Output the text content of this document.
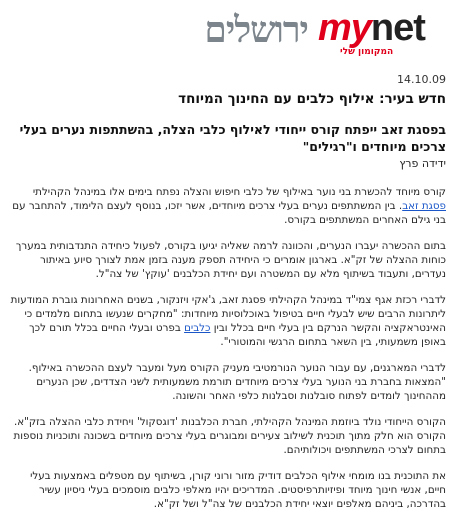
ירושלים mynet
המקומון שלי
14.10.09
חדש בעיר: אילוף כלבים עם החינוך המיוחד
בפסגת זאב ייפתח קורס ייחודי לאילוף כלבי הצלה, בהשתתפות נערים בעלי צרכים מיוחדים ו"רגילים"
ידידה פרץ

קורס מיוחד להכשרת בני נוער באילוף של כלבי חיפוש והצלה נפתח בימים אלו במינהל הקהילתי פסגת זאב. בין המשתתפים נערים בעלי צרכים מיוחדים, אשר יזכו, בנוסף לעצם הלימוד, להתחבר עם בני גילם האחרים המשתתפים בקורס.

בתום ההכשרה יעברו הנערים, והכוונה לרמה שאליה יגיעו בקורס, לפעול כיחידה התנדבותית במערך כוחות ההצלה של זק"א. בארגון אומרים כי היחידה תספק מענה בזמן אמת לצורך סיוע באיתור נעדרים, ותעבוד בשיתוף מלא עם המשטרה ועם יחידת הכלבנים 'עוקץ' של צה"ל.

לדברי רכזת אגף צמי"ד במינהל הקהילתי פסגת זאב, ג'אקי ויזנקור, בשנים האחרונות גוברת המודעות ליתרונות הרבים שיש לבעלי חיים בטיפול באוכלוסיות מיוחדות: "מחקרים שנעשו בתחום מלמדים כי האינטראקציה והקשר הנרקם בין בעלי חיים בכלל ובין כלבים בפרט ובעלי החיים בכלל תורם לכך באופן משמעותי, בין השאר בתחום הרגשי והמוטורי".

לדברי המארגנים, עם עבור הנוער הנורמטיבי מעניק הקורס מעל ומעבר לעצם ההכשרה באילוף. "המצאות בחברת בני הנוער בעלי צרכים מיוחדים תורמת משמעותית לשני הצדדים, שכן הנערים מההחינוך לומדים לפתוח סובלנות וסבלנות כלפי האחר והשונה.

הקורס הייחודי נולד ביוזמת המינהל הקהילתי, חברת הכלבנות 'דוגסקול' ויחידת כלבי ההצלה בזק"א. הקורס הוא חלק מתוך תוכנית לשילוב צעירים ומבוגרים בעלי צרכים מיוחדים בשכונה ותוכניות נוספות בתחום לצרכי המשתתפים ויכולותיהם.

את התוכנית בנו מומחי אילוף הכלבים דודיק מזור ורוני קורן, בשיתוף עם מטפלים באמצעות בעלי חיים, אנשי חינוך מיוחד ופיזיותרפיסטים. המדריכים יהיו מאלפי כלבים מוסמכים בעלי ניסיון עשיר בהדרכה, ביניהם מאלפים יוצאי יחידת הכלבנים של צה"ל ושל זק"א.
